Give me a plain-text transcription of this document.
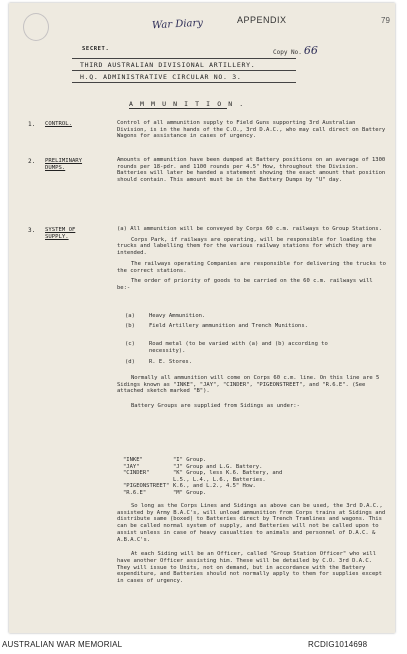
War Diary	APPENDIX	79
SECRET.	Copy No. 66
THIRD AUSTRALIAN DIVISIONAL ARTILLERY.
H.Q. ADMINISTRATIVE CIRCULAR NO. 3.
A M M U N I T I O N .
1. CONTROL.	Control of all ammunition supply to Field Guns supporting 3rd Australian Division, is in the hands of the C.O., 3rd D.A.C., who may call direct on Battery Wagons for assistance in cases of urgency.

2. PRELIMINARY
DUMPS.

Amounts of ammunition have been dumped at Battery positions on an average of 1300 rounds per 18-pdr. and 1100 rounds per 4.5" How, throughout the Division. Batteries will later be handed a statement showing the exact amount that position should contain. This amount must be in the Battery Dumps by "U" day.

3. SYSTEM OF
SUPPLY.

(a) All ammunition will be conveyed by Corps 60 c.m. railways to Group Stations.

Corps Park, if railways are operating, will be responsible for loading the trucks and labelling them for the various railway stations for which they are intended.

The railways operating Companies are responsible for delivering the trucks to the correct stations.

The order of priority of goods to be carried on the 60 c.m. railways will be:-

(a)	Heavy Ammunition.
(b)	Field Artillery ammunition and Trench Munitions.
(c)	Road metal (to be varied with (a) and (b) according to necessity).
(d)	R. E. Stores.

Normally all ammunition will come on Corps 60 c.m. line. On this line are 5 Sidings known as "INKE", "JAY", "CINDER", "PIGEONSTREET", and "R.6.E". (See attached sketch marked "B").

Battery Groups are supplied from Sidings as under:-

"INKE"	"I" Group.
"JAY"	"J" Group and L.G. Battery.
"CINDER"	"K" Group, less K.6. Battery, and
	L.5., L.4., L.6., Batteries.
"PIGEONSTREET"	K.6., and L.2., 4.5" How.
"R.6.E"	"M" Group.

So long as the Corps Lines and Sidings as above can be used, the 3rd D.A.C., assisted by Army B.A.C's, will unload ammunition from Corps trains at Sidings and distribute same (boxed) to Batteries direct by Trench Tramlines and wagons. This can be called normal system of supply, and Batteries will not be called upon to assist unless in case of heavy casualties to animals and personnel of D.A.C. & A.B.A.C's.

At each Siding will be an Officer, called "Group Station Officer" who will have another Officer assisting him. These will be detailed by C.O. 3rd D.A.C. They will issue to Units, not on demand, but in accordance with the Battery expenditure, and Batteries should not normally apply to them for supplies except in cases of urgency.

AUSTRALIAN WAR MEMORIAL	RCDIG1014698
